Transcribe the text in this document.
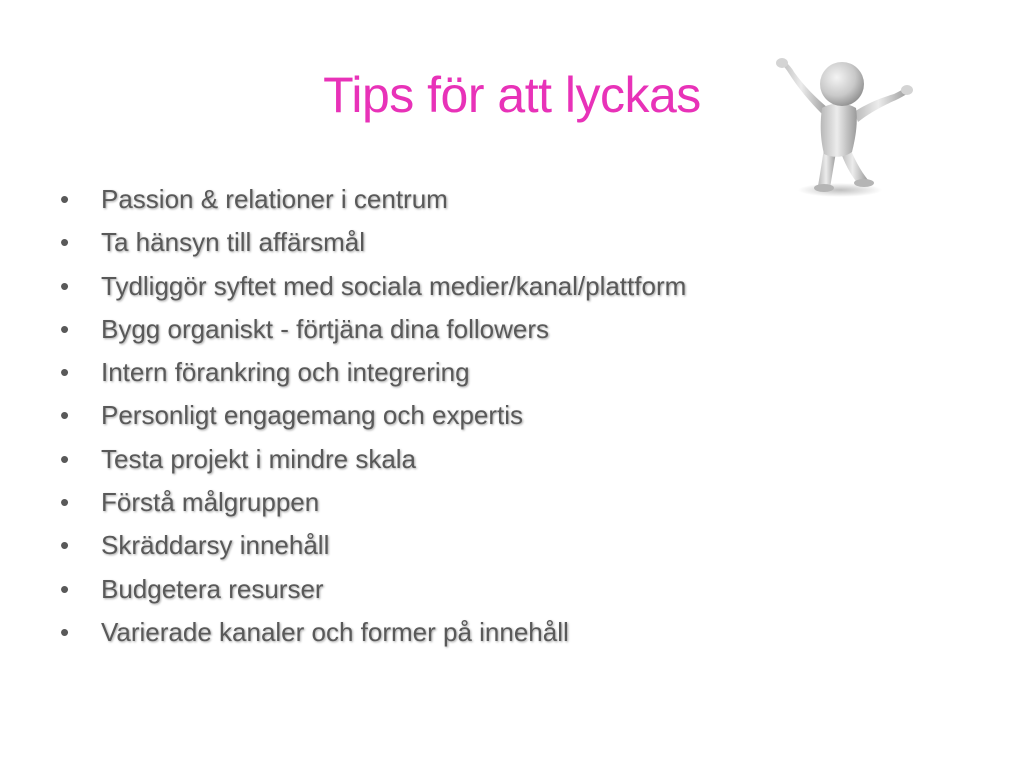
Tips för att lyckas
• Passion & relationer i centrum
• Ta hänsyn till affärsmål
• Tydliggör syftet med sociala medier/kanal/plattform
• Bygg organiskt - förtjäna dina followers
• Intern förankring och integrering
• Personligt engagemang och expertis
• Testa projekt i mindre skala
• Förstå målgruppen
• Skräddarsy innehåll
• Budgetera resurser
• Varierade kanaler och former på innehåll
